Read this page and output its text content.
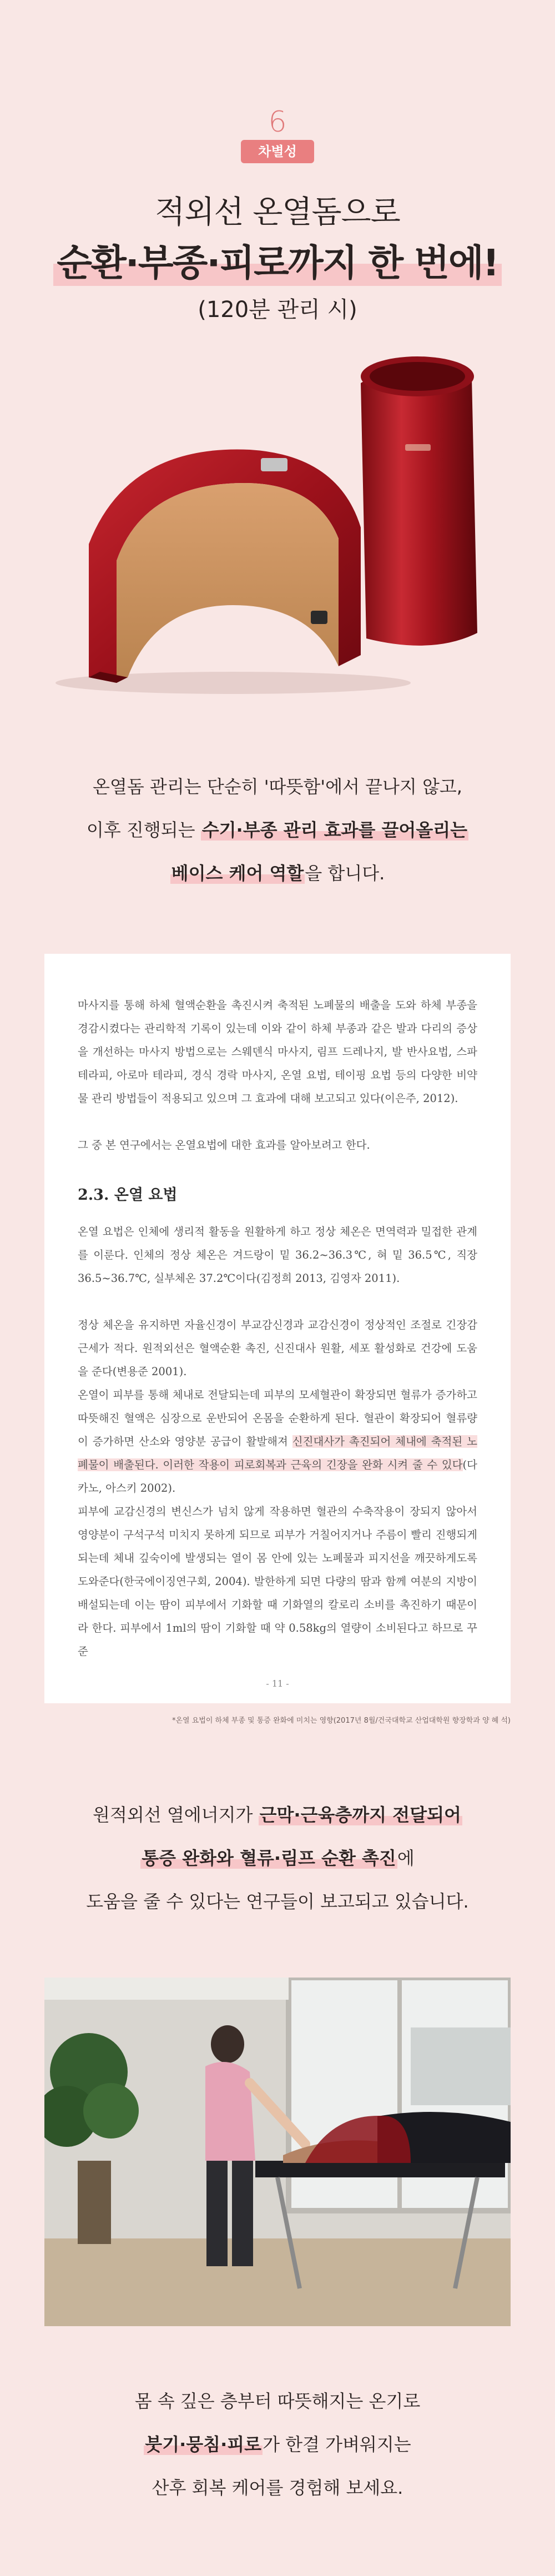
6
차별성
적외선 온열돔으로
순환·부종·피로까지 한 번에!
(120분 관리 시)
온열돔 관리는 단순히 '따뜻함'에서 끝나지 않고,
이후 진행되는 수기·부종 관리 효과를 끌어올리는
베이스 케어 역할을 합니다.

마사지를 통해 하체 혈액순환을 촉진시켜 축적된 노폐물의 배출을 도와 하체 부종을 경감시켰다는 관리학적 기록이 있는데 이와 같이 하체 부종과 같은 발과 다리의 증상을 개선하는 마사지 방법으로는 스웨덴식 마사지, 림프 드레나지, 발 반사요법, 스파 테라피, 아로마 테라피, 경식 경락 마사지, 온열 요법, 테이핑 요법 등의 다양한 비약물 관리 방법들이 적용되고 있으며 그 효과에 대해 보고되고 있다(이은주, 2012).

그 중 본 연구에서는 온열요법에 대한 효과를 알아보려고 한다.

2.3. 온열 요법

온열 요법은 인체에 생리적 활동을 원활하게 하고 정상 체온은 면역력과 밀접한 관계를 이룬다. 인체의 정상 체온은 겨드랑이 밑 36.2~36.3℃, 혀 밑 36.5℃, 직장 36.5~36.7℃, 실부체온 37.2℃이다(김정희 2013, 김영자 2011).

정상 체온을 유지하면 자율신경이 부교감신경과 교감신경이 정상적인 조절로 긴장감 근세가 적다. 원적외선은 혈액순환 촉진, 신진대사 원활, 세포 활성화로 건강에 도움을 준다(변용준 2001).

온열이 피부를 통해 체내로 전달되는데 피부의 모세혈관이 확장되면 혈류가 증가하고 따뜻해진 혈액은 심장으로 운반되어 온몸을 순환하게 된다. 혈관이 확장되어 혈류량이 증가하면 산소와 영양분 공급이 활발해져 신진대사가 촉진되어 체내에 축적된 노폐물이 배출된다. 이러한 작용이 피로회복과 근육의 긴장을 완화 시켜 줄 수 있다(다카노, 아스키 2002).

피부에 교감신경의 변신스가 넘치 않게 작용하면 혈관의 수축작용이 장되지 않아서 영양분이 구석구석 미치지 못하게 되므로 피부가 거칠어지거나 주름이 빨리 진행되게 되는데 체내 깊숙이에 발생되는 열이 몸 안에 있는 노폐물과 피지선을 깨끗하게도록 도와준다(한국에이징연구회, 2004). 발한하게 되면 다량의 땀과 함께 여분의 지방이 배설되는데 이는 땀이 피부에서 기화할 때 기화열의 칼로리 소비를 촉진하기 때문이라 한다. 피부에서 1ml의 땀이 기화할 때 약 0.58kg의 열량이 소비된다고 하므로 꾸준

- 11 -
*온열 요법이 하체 부종 및 통증 완화에 미치는 영향(2017년 8월/건국대학교 산업대학원 향장학과 양 혜 석)
원적외선 열에너지가 근막·근육층까지 전달되어
통증 완화와 혈류·림프 순환 촉진에
도움을 줄 수 있다는 연구들이 보고되고 있습니다.
몸 속 깊은 층부터 따뜻해지는 온기로
붓기·뭉침·피로가 한결 가벼워지는
산후 회복 케어를 경험해 보세요.
